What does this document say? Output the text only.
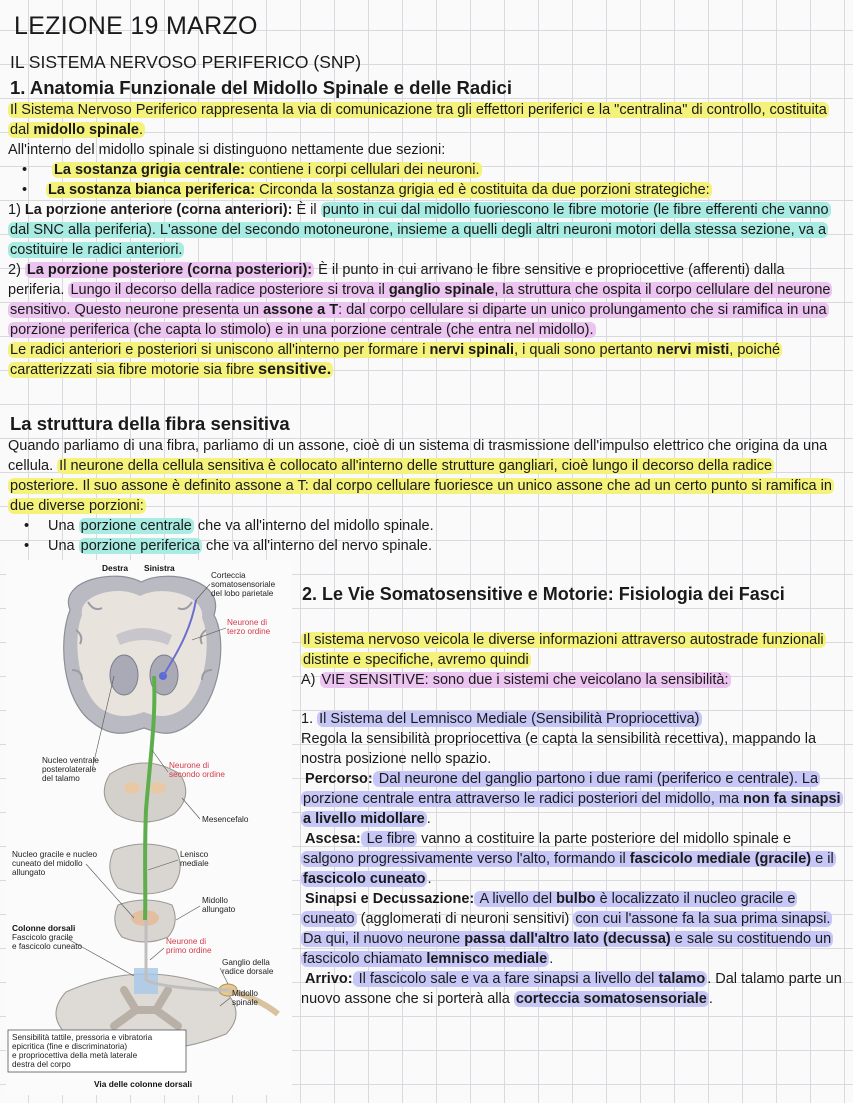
LEZIONE 19 MARZO
IL SISTEMA NERVOSO PERIFERICO (SNP)
1. Anatomia Funzionale del Midollo Spinale e delle Radici

Il Sistema Nervoso Periferico rappresenta la via di comunicazione tra gli effettori periferici e la "centralina" di controllo, costituita dal midollo spinale.

All'interno del midollo spinale si distinguono nettamente due sezioni:

• La sostanza grigia centrale: contiene i corpi cellulari dei neuroni.

• La sostanza bianca periferica: Circonda la sostanza grigia ed è costituita da due porzioni strategiche:

1) La porzione anteriore (corna anteriori): È il punto in cui dal midollo fuoriescono le fibre motorie (le fibre efferenti che vanno dal SNC alla periferia). L'assone del secondo motoneurone, insieme a quelli degli altri neuroni motori della stessa sezione, va a costituire le radici anteriori.

2) La porzione posteriore (corna posteriori): È il punto in cui arrivano le fibre sensitive e propriocettive (afferenti) dalla periferia. Lungo il decorso della radice posteriore si trova il ganglio spinale, la struttura che ospita il corpo cellulare del neurone sensitivo. Questo neurone presenta un assone a T: dal corpo cellulare si diparte un unico prolungamento che si ramifica in una porzione periferica (che capta lo stimolo) e in una porzione centrale (che entra nel midollo).

Le radici anteriori e posteriori si uniscono all'interno per formare i nervi spinali, i quali sono pertanto nervi misti, poiché caratterizzati sia fibre motorie sia fibre sensitive.

La struttura della fibra sensitiva

Quando parliamo di una fibra, parliamo di un assone, cioè di un sistema di trasmissione dell'impulso elettrico che origina da una cellula. Il neurone della cellula sensitiva è collocato all'interno delle strutture gangliari, cioè lungo il decorso della radice posteriore. Il suo assone è definito assone a T: dal corpo cellulare fuoriesce un unico assone che ad un certo punto si ramifica in due diverse porzioni:

• Una porzione centrale che va all'interno del midollo spinale.

• Una porzione periferica che va all'interno del nervo spinale.

Destra Sinistra
Corteccia
somatosensoriale
del lobo parietale
Neurone di
terzo ordine
Nucleo ventrale
posterolaterale
del talamo
Neurone di
secondo ordine
Mesencefalo
Nucleo gracile e nucleo
cuneato del midollo
allungato
Lenisco
mediale
Midollo
allungato
Colonne dorsali
Fascicolo gracile
e fascicolo cuneato
Neurone di
primo ordine
Ganglio della
radice dorsale
Midollo
spinale
Sensibilità tattile, pressoria e vibratoria
epicritica (fine e discriminatoria)
e propriocettiva della metà laterale
destra del corpo
Via delle colonne dorsali
2. Le Vie Somatosensitive e Motorie: Fisiologia dei Fasci

Il sistema nervoso veicola le diverse informazioni attraverso autostrade funzionali distinte e specifiche, avremo quindi

A) VIE SENSITIVE: sono due i sistemi che veicolano la sensibilità:

1. Il Sistema del Lemnisco Mediale (Sensibilità Propriocettiva)

Regola la sensibilità propriocettiva (e capta la sensibilità recettiva), mappando la nostra posizione nello spazio.

Percorso: Dal neurone del ganglio partono i due rami (periferico e centrale). La porzione centrale entra attraverso le radici posteriori del midollo, ma non fa sinapsi a livello midollare .

Ascesa: Le fibre vanno a costituire la parte posteriore del midollo spinale e salgono progressivamente verso l'alto, formando il fascicolo mediale (gracile) e il fascicolo cuneato .

Sinapsi e Decussazione: A livello del bulbo è localizzato il nucleo gracile e cuneato (agglomerati di neuroni sensitivi) con cui l'assone fa la sua prima sinapsi. Da qui, il nuovo neurone passa dall'altro lato (decussa) e sale su costituendo un fascicolo chiamato lemnisco mediale .

Arrivo: Il fascicolo sale e va a fare sinapsi a livello del talamo . Dal talamo parte un nuovo assone che si porterà alla corteccia somatosensoriale .
